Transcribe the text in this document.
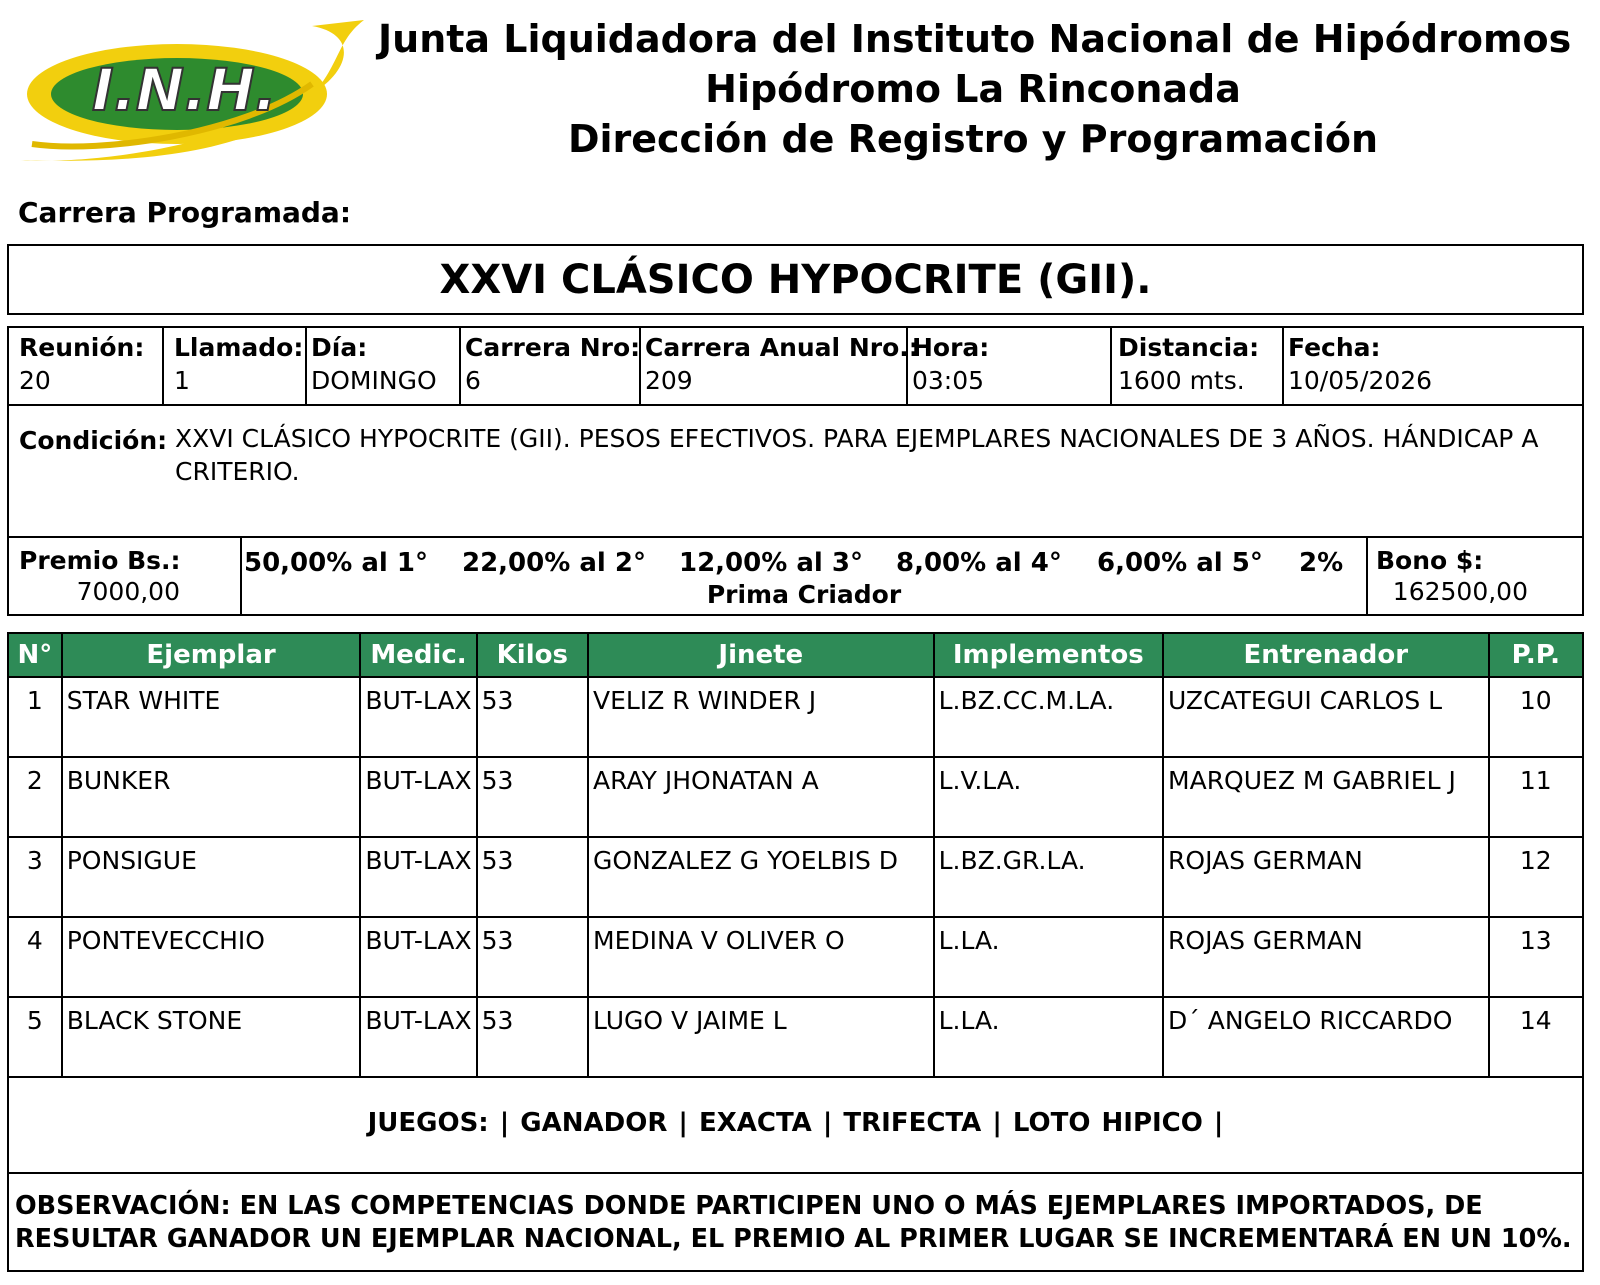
I.N.H.
Junta Liquidadora del Instituto Nacional de Hipódromos
Hipódromo La Rinconada
Dirección de Registro y Programación
Carrera Programada:
XXVI CLÁSICO HYPOCRITE (GII).
Reunión:
20
Llamado:
1
Día:
DOMINGO
Carrera Nro:
6
Carrera Anual Nro.:
209
Hora:
03:05
Distancia:
1600 mts.
Fecha:
10/05/2026
Condición: XXVI CLÁSICO HYPOCRITE (GII). PESOS EFECTIVOS. PARA EJEMPLARES NACIONALES DE 3 AÑOS. HÁNDICAP A CRITERIO.
Premio Bs.:
7000,00
50,00% al 1° 22,00% al 2° 12,00% al 3° 8,00% al 4° 6,00% al 5° 2%
Prima Criador
Bono $:
162500,00
N°	Ejemplar	Medic.	Kilos	Jinete	Implementos	Entrenador	P.P.
1	STAR WHITE	BUT-LAX	53	VELIZ R WINDER J	L.BZ.CC.M.LA.	UZCATEGUI CARLOS L	10
2	BUNKER	BUT-LAX	53	ARAY JHONATAN A	L.V.LA.	MARQUEZ M GABRIEL J	11
3	PONSIGUE	BUT-LAX	53	GONZALEZ G YOELBIS D	L.BZ.GR.LA.	ROJAS GERMAN	12
4	PONTEVECCHIO	BUT-LAX	53	MEDINA V OLIVER O	L.LA.	ROJAS GERMAN	13
5	BLACK STONE	BUT-LAX	53	LUGO V JAIME L	L.LA.	D´ ANGELO RICCARDO	14
JUEGOS: | GANADOR | EXACTA | TRIFECTA | LOTO HIPICO |
OBSERVACIÓN: EN LAS COMPETENCIAS DONDE PARTICIPEN UNO O MÁS EJEMPLARES IMPORTADOS, DE RESULTAR GANADOR UN EJEMPLAR NACIONAL, EL PREMIO AL PRIMER LUGAR SE INCREMENTARÁ EN UN 10%.
